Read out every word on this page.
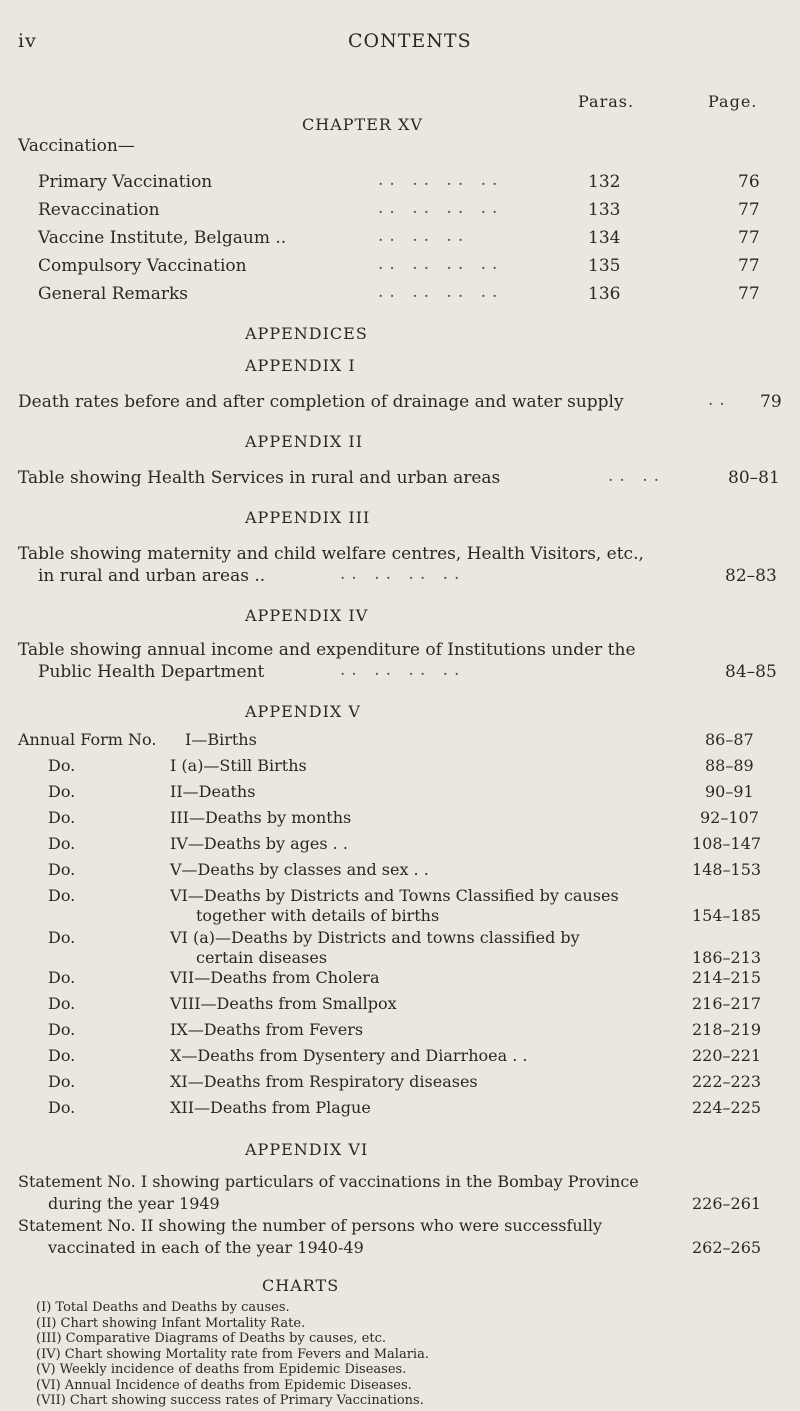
iv	CONTENTS
Paras.	Page.
CHAPTER XV
Vaccination—
Primary Vaccination	.. .. .. ..	132	76
Revaccination	.. .. .. ..	133	77
Vaccine Institute, Belgaum ..	.. .. ..	134	77
Compulsory Vaccination	.. .. .. ..	135	77
General Remarks	.. .. .. ..	136	77
APPENDICES
APPENDIX I
Death rates before and after completion of drainage and water supply	.. 79
APPENDIX II
Table showing Health Services in rural and urban areas	.. ..	80–81
APPENDIX III
Table showing maternity and child welfare centres, Health Visitors, etc.,
in rural and urban areas ..	.. .. .. ..	82–83
APPENDIX IV
Table showing annual income and expenditure of Institutions under the
Public Health Department	.. .. .. ..	84–85
APPENDIX V
Annual Form No. I—Births	86–87
Do.	I (a)—Still Births	88–89
Do.	II—Deaths	90–91
Do.	III—Deaths by months	92–107
Do.	IV—Deaths by ages . .	108–147
Do.	V—Deaths by classes and sex . .	148–153
Do.	VI—Deaths by Districts and Towns Classified by causes
together with details of births	154–185
Do.	VI (a)—Deaths by Districts and towns classified by
certain diseases	186–213
Do.	VII—Deaths from Cholera	214–215
Do.	VIII—Deaths from Smallpox	216–217
Do.	IX—Deaths from Fevers	218–219
Do.	X—Deaths from Dysentery and Diarrhoea . .	220–221
Do.	XI—Deaths from Respiratory diseases	222–223
Do.	XII—Deaths from Plague	224–225
APPENDIX VI
Statement No. I showing particulars of vaccinations in the Bombay Province
during the year 1949	226–261
Statement No. II showing the number of persons who were successfully
vaccinated in each of the year 1940-49	262–265
CHARTS
(I) Total Deaths and Deaths by causes.
(II) Chart showing Infant Mortality Rate.
(III) Comparative Diagrams of Deaths by causes, etc.
(IV) Chart showing Mortality rate from Fevers and Malaria.
(V) Weekly incidence of deaths from Epidemic Diseases.
(VI) Annual Incidence of deaths from Epidemic Diseases.
(VII) Chart showing success rates of Primary Vaccinations.
